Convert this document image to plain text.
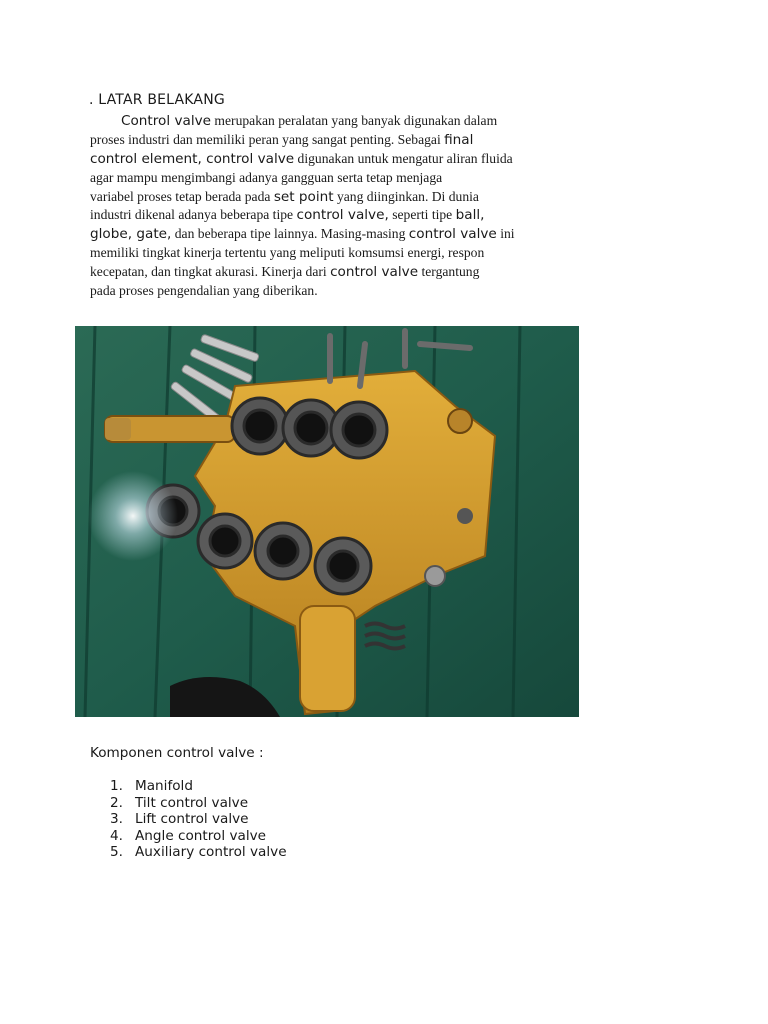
. LATAR BELAKANG
Control valve merupakan peralatan yang banyak digunakan dalam
proses industri dan memiliki peran yang sangat penting. Sebagai final
control element, control valve digunakan untuk mengatur aliran fluida
agar mampu mengimbangi adanya gangguan serta tetap menjaga
variabel proses tetap berada pada set point yang diinginkan. Di dunia
industri dikenal adanya beberapa tipe control valve, seperti tipe ball,
globe, gate, dan beberapa tipe lainnya. Masing-masing control valve ini
memiliki tingkat kinerja tertentu yang meliputi komsumsi energi, respon
kecepatan, dan tingkat akurasi. Kinerja dari control valve tergantung
pada proses pengendalian yang diberikan.
Komponen control valve :
1. Manifold
2. Tilt control valve
3. Lift control valve
4. Angle control valve
5. Auxiliary control valve
